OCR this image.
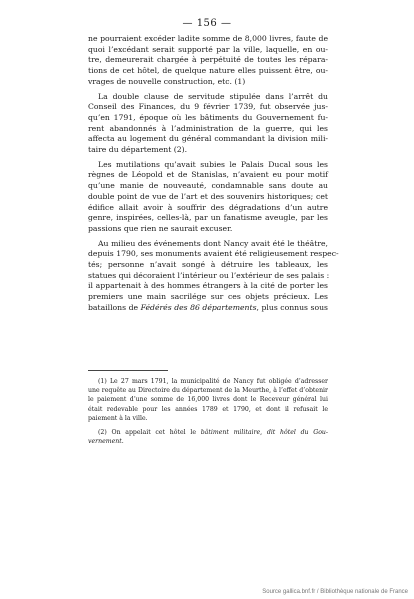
— 156 —
ne pourraient excéder ladite somme de 8,000 livres, faute de
quoi l’excédant serait supporté par la ville, laquelle, en ou-
tre, demeurerait chargée à perpétuité de toutes les répara-
tions de cet hôtel, de quelque nature elles puissent être, ou-
vrages de nouvelle construction, etc. (1)
La double clause de servitude stipulée dans l’arrêt du
Conseil des Finances, du 9 février 1739, fut observée jus-
qu’en 1791, époque où les bâtiments du Gouvernement fu-
rent abandonnés à l’administration de la guerre, qui les
affecta au logement du général commandant la division mili-
taire du département (2).
Les mutilations qu’avait subies le Palais Ducal sous les
règnes de Léopold et de Stanislas, n’avaient eu pour motif
qu’une manie de nouveauté, condamnable sans doute au
double point de vue de l’art et des souvenirs historiques; cet
édifice allait avoir à souffrir des dégradations d’un autre
genre, inspirées, celles-là, par un fanatisme aveugle, par les
passions que rien ne saurait excuser.
Au milieu des événements dont Nancy avait été le théâtre,
depuis 1790, ses monuments avaient été religieusement respec-
tés; personne n’avait songé à détruire les tableaux, les
statues qui décoraient l’intérieur ou l’extérieur de ses palais :
il appartenait à des hommes étrangers à la cité de porter les
premiers une main sacrilége sur ces objets précieux. Les
bataillons de Fédérés des 86 départements, plus connus sous
(1) Le 27 mars 1791, la municipalité de Nancy fut obligée d’adresser
une requête au Directoire du département de la Meurthe, à l’effet d’obtenir
le paiement d’une somme de 16,000 livres dont le Receveur général lui
était redevable pour les années 1789 et 1790, et dont il refusait le
paiement à la ville.
(2) On appelait cet hôtel le bâtiment militaire, dit hôtel du Gou-
vernement.
Source gallica.bnf.fr / Bibliothèque nationale de France
